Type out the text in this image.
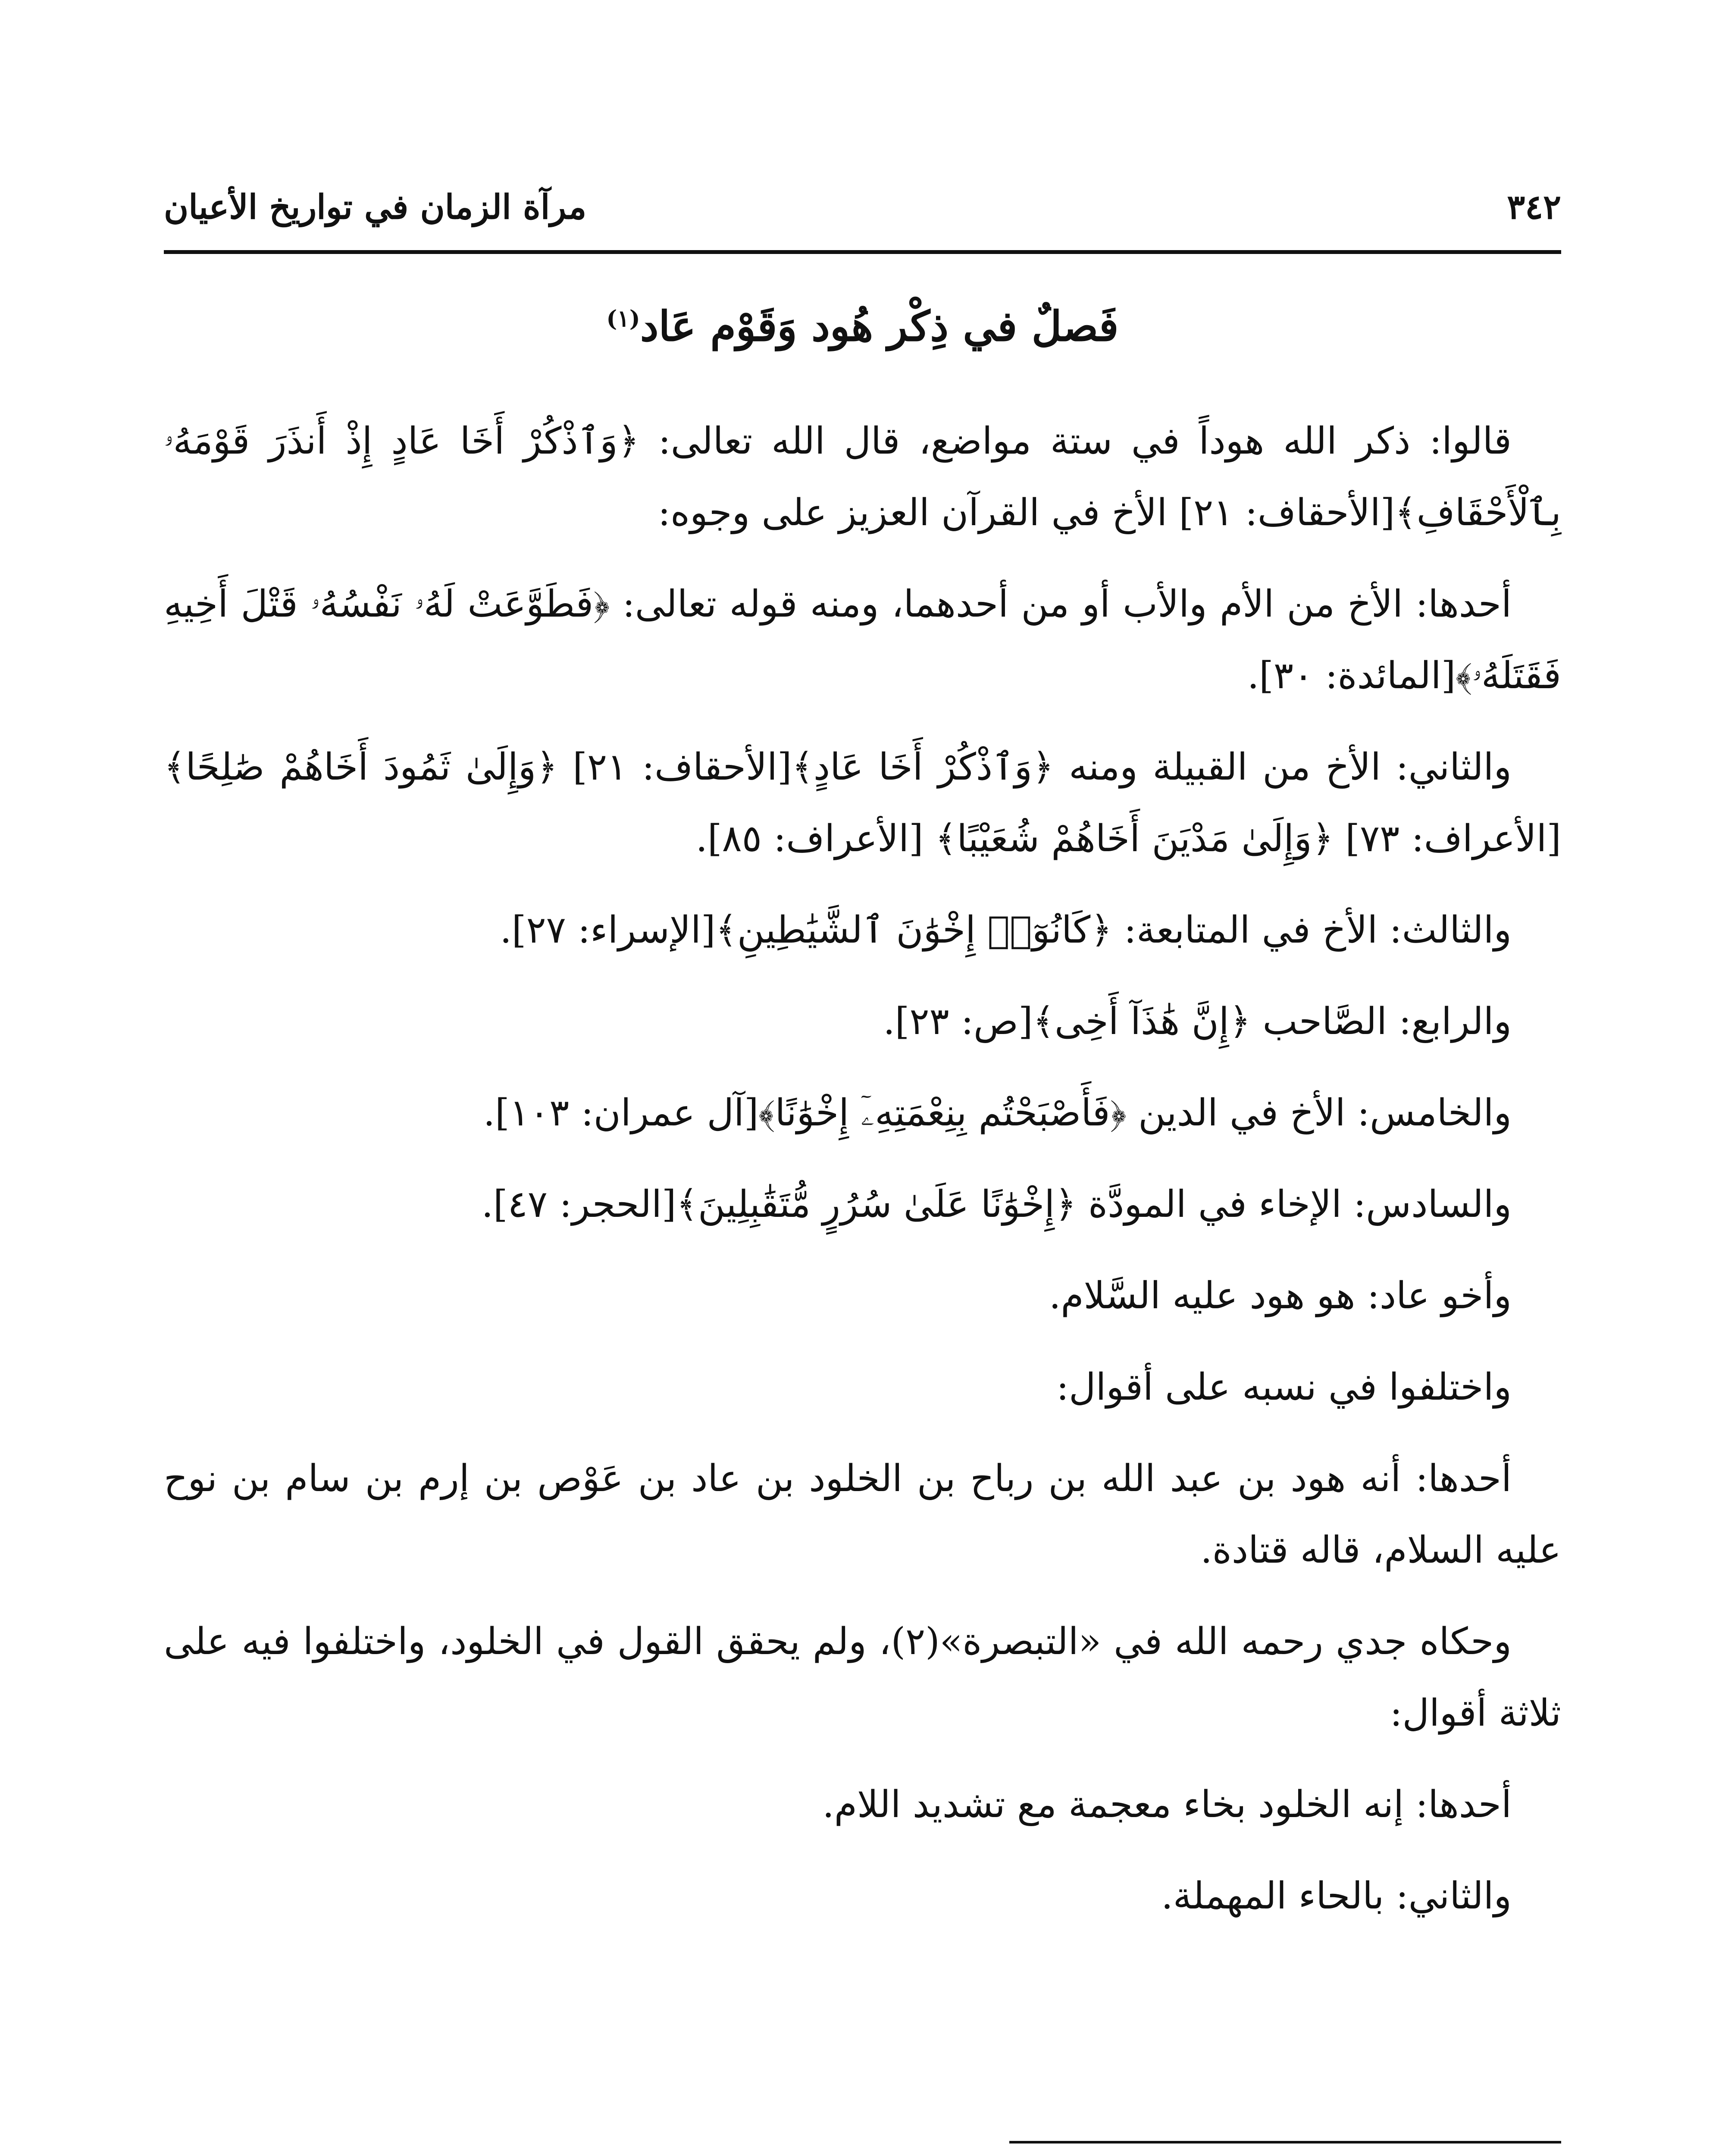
٣٤٢
مرآة الزمان في تواريخ الأعيان
فَصلٌ في ذِكْر هُود وَقَوْم عَاد$^{(١)}$

قالوا: ذكر الله هوداً في ستة مواضع، قال الله تعالى: ﴿وَٱذْكُرْ أَخَا عَادٍ إِذْ أَنذَرَ قَوْمَهُۥ بِٱلْأَحْقَافِ﴾[الأحقاف: ٢١] الأخ في القرآن العزيز على وجوه:

أحدها: الأخ من الأم والأب أو من أحدهما، ومنه قوله تعالى: ﴿فَطَوَّعَتْ لَهُۥ نَفْسُهُۥ قَتْلَ أَخِيهِ فَقَتَلَهُۥ﴾[المائدة: ٣٠].

والثاني: الأخ من القبيلة ومنه ﴿وَٱذْكُرْ أَخَا عَادٍ﴾[الأحقاف: ٢١] ﴿وَإِلَىٰ ثَمُودَ أَخَاهُمْ صَٰلِحًا﴾ [الأعراف: ٧٣] ﴿وَإِلَىٰ مَدْيَنَ أَخَاهُمْ شُعَيْبًا﴾ [الأعراف: ٨٥].

والثالث: الأخ في المتابعة: ﴿كَانُوٓا۟ إِخْوَٰنَ ٱلشَّيَٰطِينِ﴾[الإسراء: ٢٧].

والرابع: الصَّاحب ﴿إِنَّ هَٰذَآ أَخِى﴾[ص: ٢٣].

والخامس: الأخ في الدين ﴿فَأَصْبَحْتُم بِنِعْمَتِهِۦٓ إِخْوَٰنًا﴾[آل عمران: ١٠٣].

والسادس: الإخاء في المودَّة ﴿إِخْوَٰنًا عَلَىٰ سُرُرٍ مُّتَقَٰبِلِينَ﴾[الحجر: ٤٧].

وأخو عاد: هو هود عليه السَّلام.

واختلفوا في نسبه على أقوال:

أحدها: أنه هود بن عبد الله بن رباح بن الخلود بن عاد بن عَوْص بن إرم بن سام بن نوح عليه السلام، قاله قتادة.

وحكاه جدي رحمه الله في «التبصرة»(٢)، ولم يحقق القول في الخلود، واختلفوا فيه على ثلاثة أقوال:

أحدها: إنه الخلود بخاء معجمة مع تشديد اللام.

والثاني: بالحاء المهملة.
